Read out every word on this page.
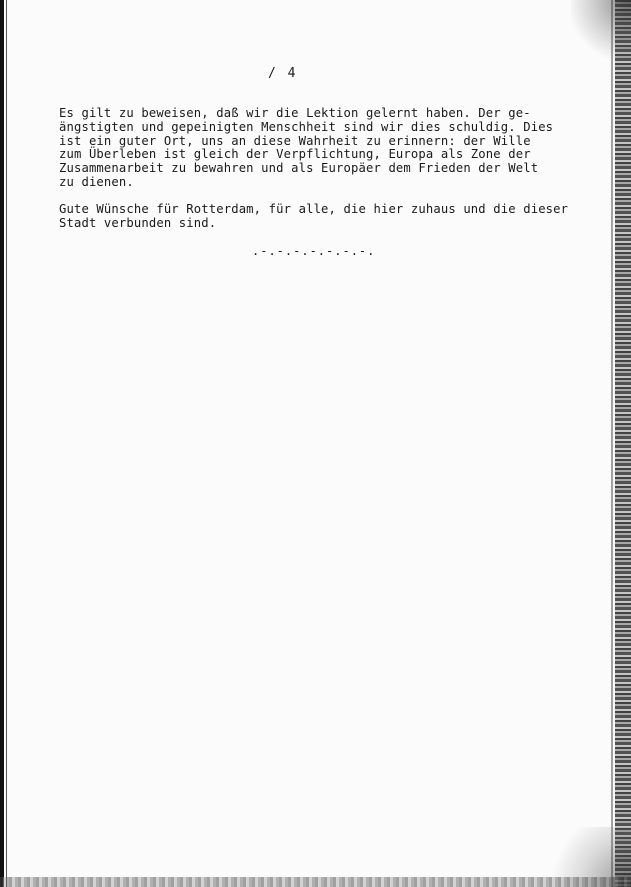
/ 4

Es gilt zu beweisen, daß wir die Lektion gelernt haben. Der ge-
ängstigten und gepeinigten Menschheit sind wir dies schuldig. Dies
ist ein guter Ort, uns an diese Wahrheit zu erinnern: der Wille
zum Überleben ist gleich der Verpflichtung, Europa als Zone der
Zusammenarbeit zu bewahren und als Europäer dem Frieden der Welt
zu dienen.

Gute Wünsche für Rotterdam, für alle, die hier zuhaus und die dieser
Stadt verbunden sind.

.-.-.-.-.-.-.-.
